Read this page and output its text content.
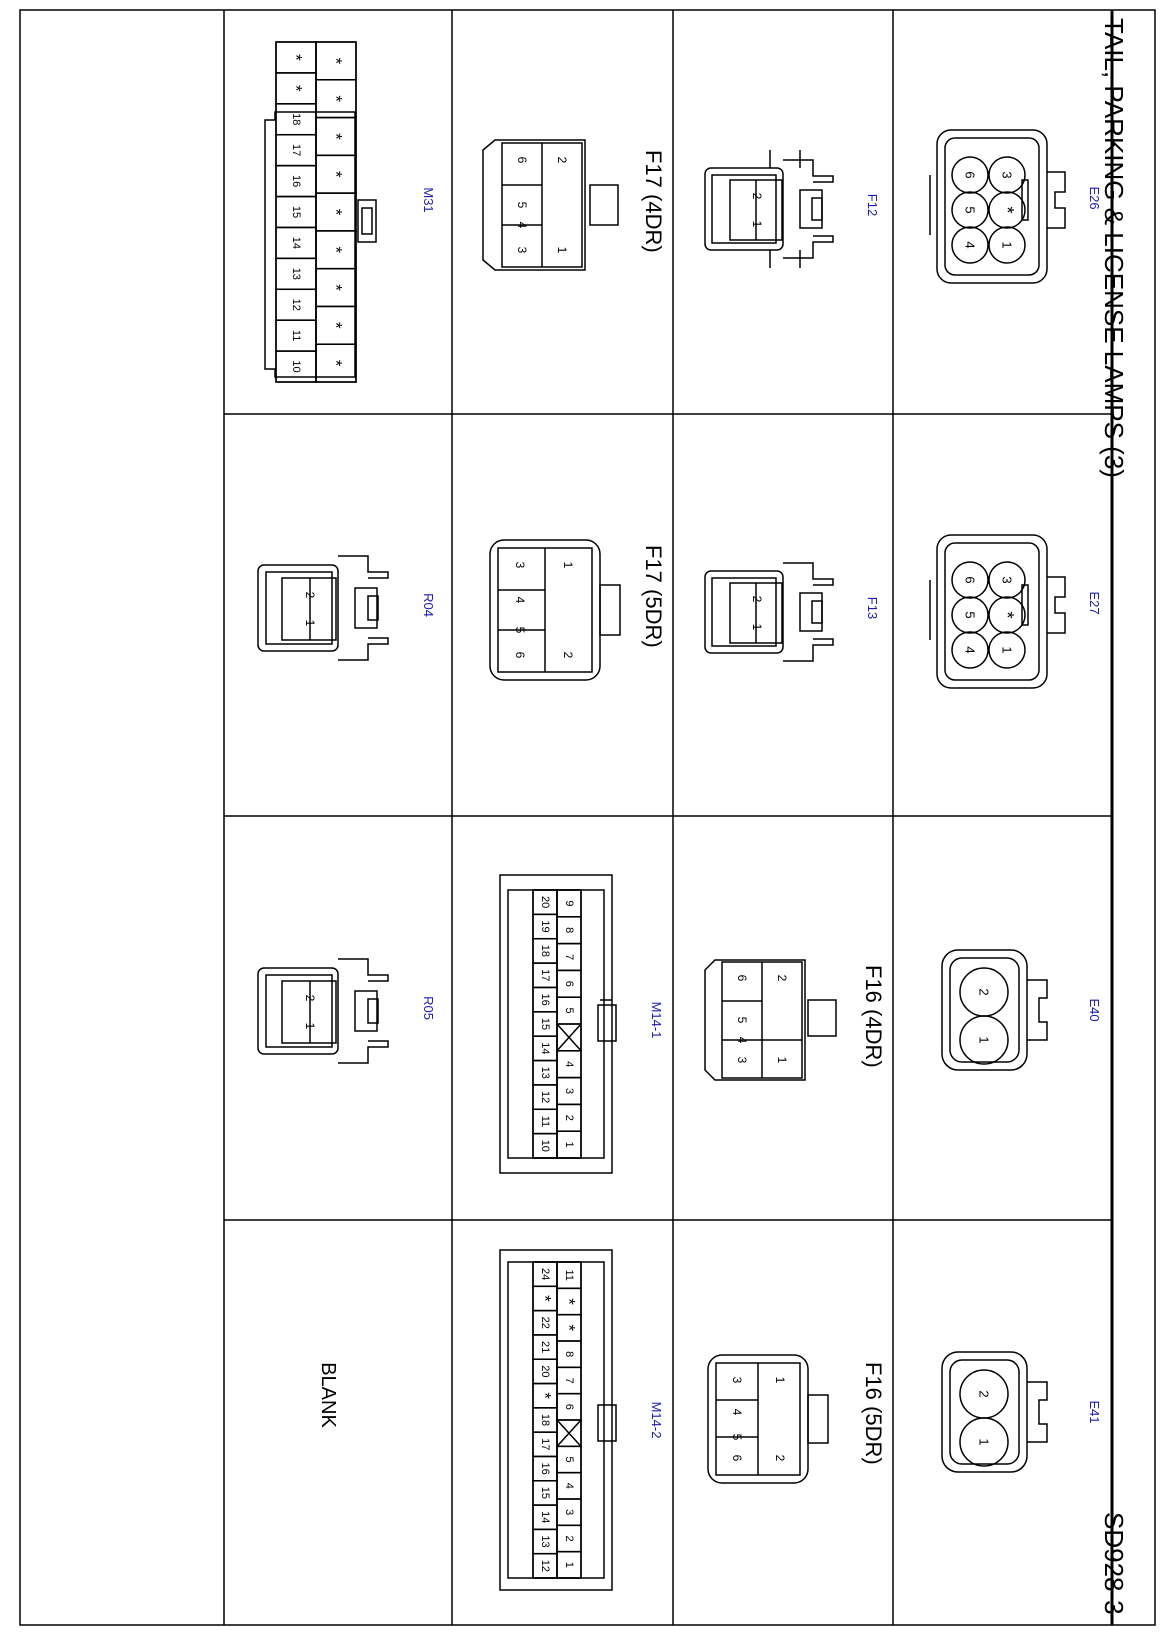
TAIL, PARKING & LICENSE LAMPS (3)
SD928-3
E26
3
*
1
6
5
4
E27
3
*
1
6
5
4
E40
2
1
E41
2
1
F12
2
1
F13
2
1
F16 (4DR)
2
1
6
5
4
3
F16 (5DR)
1
2
3
4
5
6
F17 (4DR)
2
1
6
5
4
3
F17 (5DR)
1
2
3
4
5
6
M14-1
9
8
7
6
5
4
3
2
1
20
19
18
17
16
15
14
13
12
11
10
M14-2
11
*
*
8
7
6
5
4
3
2
1
24
*
22
21
20
*
18
17
16
15
14
13
12
R04
2
1
R05
2
1
M31
*
*
*
*
*
*
*
*
*
*
*
18
17
16
15
14
13
12
11
10
BLANK
